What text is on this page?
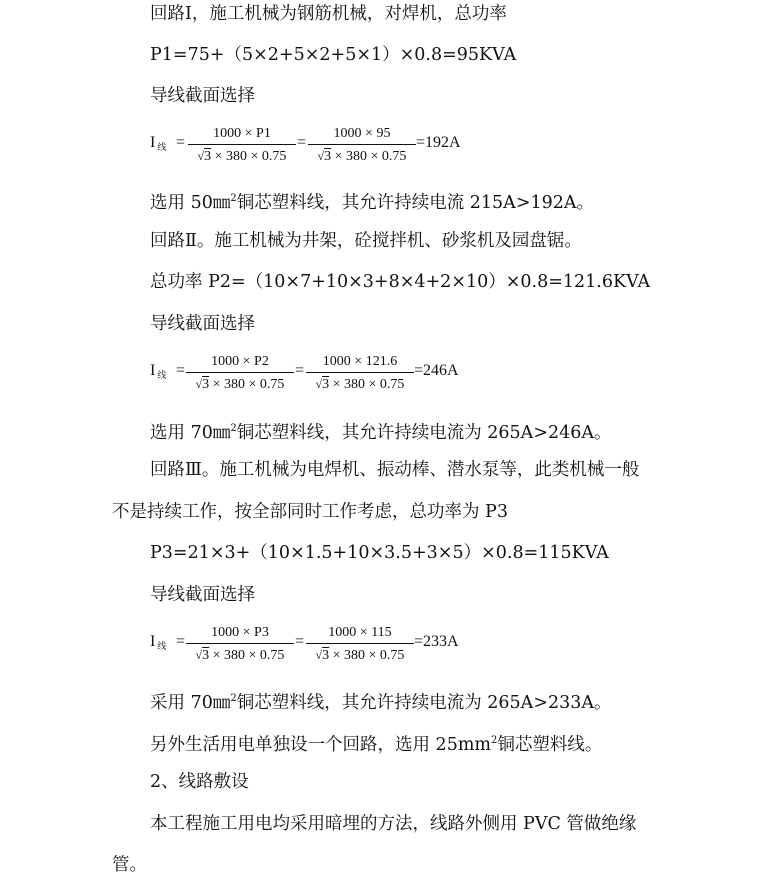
回路Ⅰ，施工机械为钢筋机械，对焊机，总功率
P1=75+（5×2+5×2+5×1）×0.8=95KVA
导线截面选择
I $_线 = \frac{1000 \times P1}{√3 \times 380 \times 0.75} = \frac{1000 \times 95}{√3 \times 380 \times 0.75} =192A$
选用 50㎜$^2$铜芯塑料线，其允许持续电流 215A>192A。
回路Ⅱ。施工机械为井架，砼搅拌机、砂浆机及园盘锯。
总功率 P2=（10×7+10×3+8×4+2×10）×0.8=121.6KVA
导线截面选择
I $_线 = \frac{1000 \times P2}{√3 \times 380 \times 0.75} = \frac{1000 \times 121.6}{√3 \times 380 \times 0.75} =246A$
选用 70㎜$^2$铜芯塑料线，其允许持续电流为 265A>246A。
回路Ⅲ。施工机械为电焊机、振动棒、潜水泵等，此类机械一般
不是持续工作，按全部同时工作考虑，总功率为 P3
P3=21×3+（10×1.5+10×3.5+3×5）×0.8=115KVA
导线截面选择
I $_线 = \frac{1000 \times P3}{√3 \times 380 \times 0.75} = \frac{1000 \times 115}{√3 \times 380 \times 0.75} =233A$
采用 70㎜$^2$铜芯塑料线，其允许持续电流为 265A>233A。
另外生活用电单独设一个回路，选用 $25mm^2$铜芯塑料线。
2、线路敷设
本工程施工用电均采用暗埋的方法，线路外侧用 PVC 管做绝缘
管。
